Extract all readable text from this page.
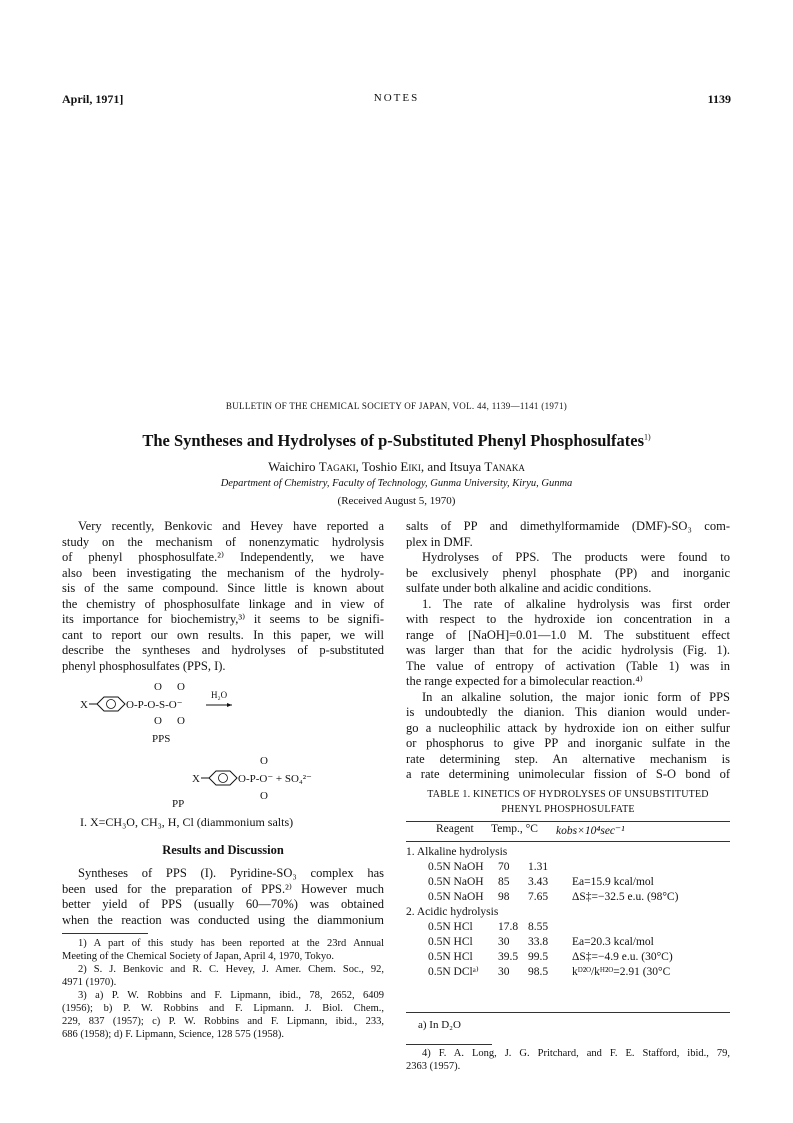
April, 1971]	NOTES	1139
BULLETIN OF THE CHEMICAL SOCIETY OF JAPAN, VOL. 44, 1139—1141 (1971)
The Syntheses and Hydrolyses of p-Substituted Phenyl Phosphosulfates$^{1)}$
Waichiro Tagaki, Toshio Eiki, and Itsuya Tanaka
Department of Chemistry, Faculty of Technology, Gunma University, Kiryu, Gunma
(Received August 5, 1970)
Very recently, Benkovic and Hevey have reported a
study on the mechanism of nonenzymatic hydrolysis
of phenyl phosphosulfate.²⁾ Independently, we have
also been investigating the mechanism of the hydroly-
sis of the same compound. Since little is known about
the chemistry of phosphosulfate linkage and in view of
its importance for biochemistry,³⁾ it seems to be signifi-
cant to report our own results. In this paper, we will
describe the syntheses and hydrolyses of p-substituted
phenyl phosphosulfates (PPS, I).
X	O-P-O-S-O⁻
O O
O O
H₂O
PPS
O
X	O-P-O⁻ + SO₄²⁻
O
PP
I. X=CH₃O, CH₃, H, Cl (diammonium salts)
Results and Discussion
Syntheses of PPS (I). Pyridine-SO₃ complex has
been used for the preparation of PPS.²⁾ However much
better yield of PPS (usually 60—70%) was obtained
when the reaction was conducted using the diammonium
1) A part of this study has been reported at the 23rd Annual
Meeting of the Chemical Society of Japan, April 4, 1970, Tokyo.
2) S. J. Benkovic and R. C. Hevey, J. Amer. Chem. Soc., 92,
4971 (1970).
3) a) P. W. Robbins and F. Lipmann, ibid., 78, 2652, 6409
(1956); b) P. W. Robbins and F. Lipmann. J. Biol. Chem.,
229, 837 (1957); c) P. W. Robbins and F. Lipmann, ibid., 233,
686 (1958); d) F. Lipmann, Science, 128 575 (1958).
salts of PP and dimethylformamide (DMF)-SO₃ com-
plex in DMF.
Hydrolyses of PPS. The products were found to
be exclusively phenyl phosphate (PP) and inorganic
sulfate under both alkaline and acidic conditions.
1. The rate of alkaline hydrolysis was first order
with respect to the hydroxide ion concentration in a
range of [NaOH]=0.01—1.0 M. The substituent effect
was larger than that for the acidic hydrolysis (Fig. 1).
The value of entropy of activation (Table 1) was in
the range expected for a bimolecular reaction.⁴⁾
In an alkaline solution, the major ionic form of PPS
is undoubtedly the dianion. This dianion would under-
go a nucleophilic attack by hydroxide ion on either sulfur
or phosphorus to give PP and inorganic sulfate in the
rate determining step. An alternative mechanism is
a rate determining unimolecular fission of S-O bond of
TABLE 1. KINETICS OF HYDROLYSES OF UNSUBSTITUTED
PHENYL PHOSPHOSULFATE
Reagent Temp., °C kobs×10⁴sec⁻¹
1. Alkaline hydrolysis
0.5N NaOH 70 1.31
0.5N NaOH 85 3.43 Ea=15.9 kcal/mol
0.5N NaOH 98 7.65 ΔS‡=−32.5 e.u. (98°C)
2. Acidic hydrolysis
0.5N HCl 17.8 8.55
0.5N HCl 30 33.8 Ea=20.3 kcal/mol
0.5N HCl 39.5 99.5 ΔS‡=−4.9 e.u. (30°C)
0.5N DClᵃ⁾ 30 98.5 kᴰ²ᴼ/kᴴ²ᴼ=2.91 (30°C
a) In D₂O
4) F. A. Long, J. G. Pritchard, and F. E. Stafford, ibid., 79,
2363 (1957).
